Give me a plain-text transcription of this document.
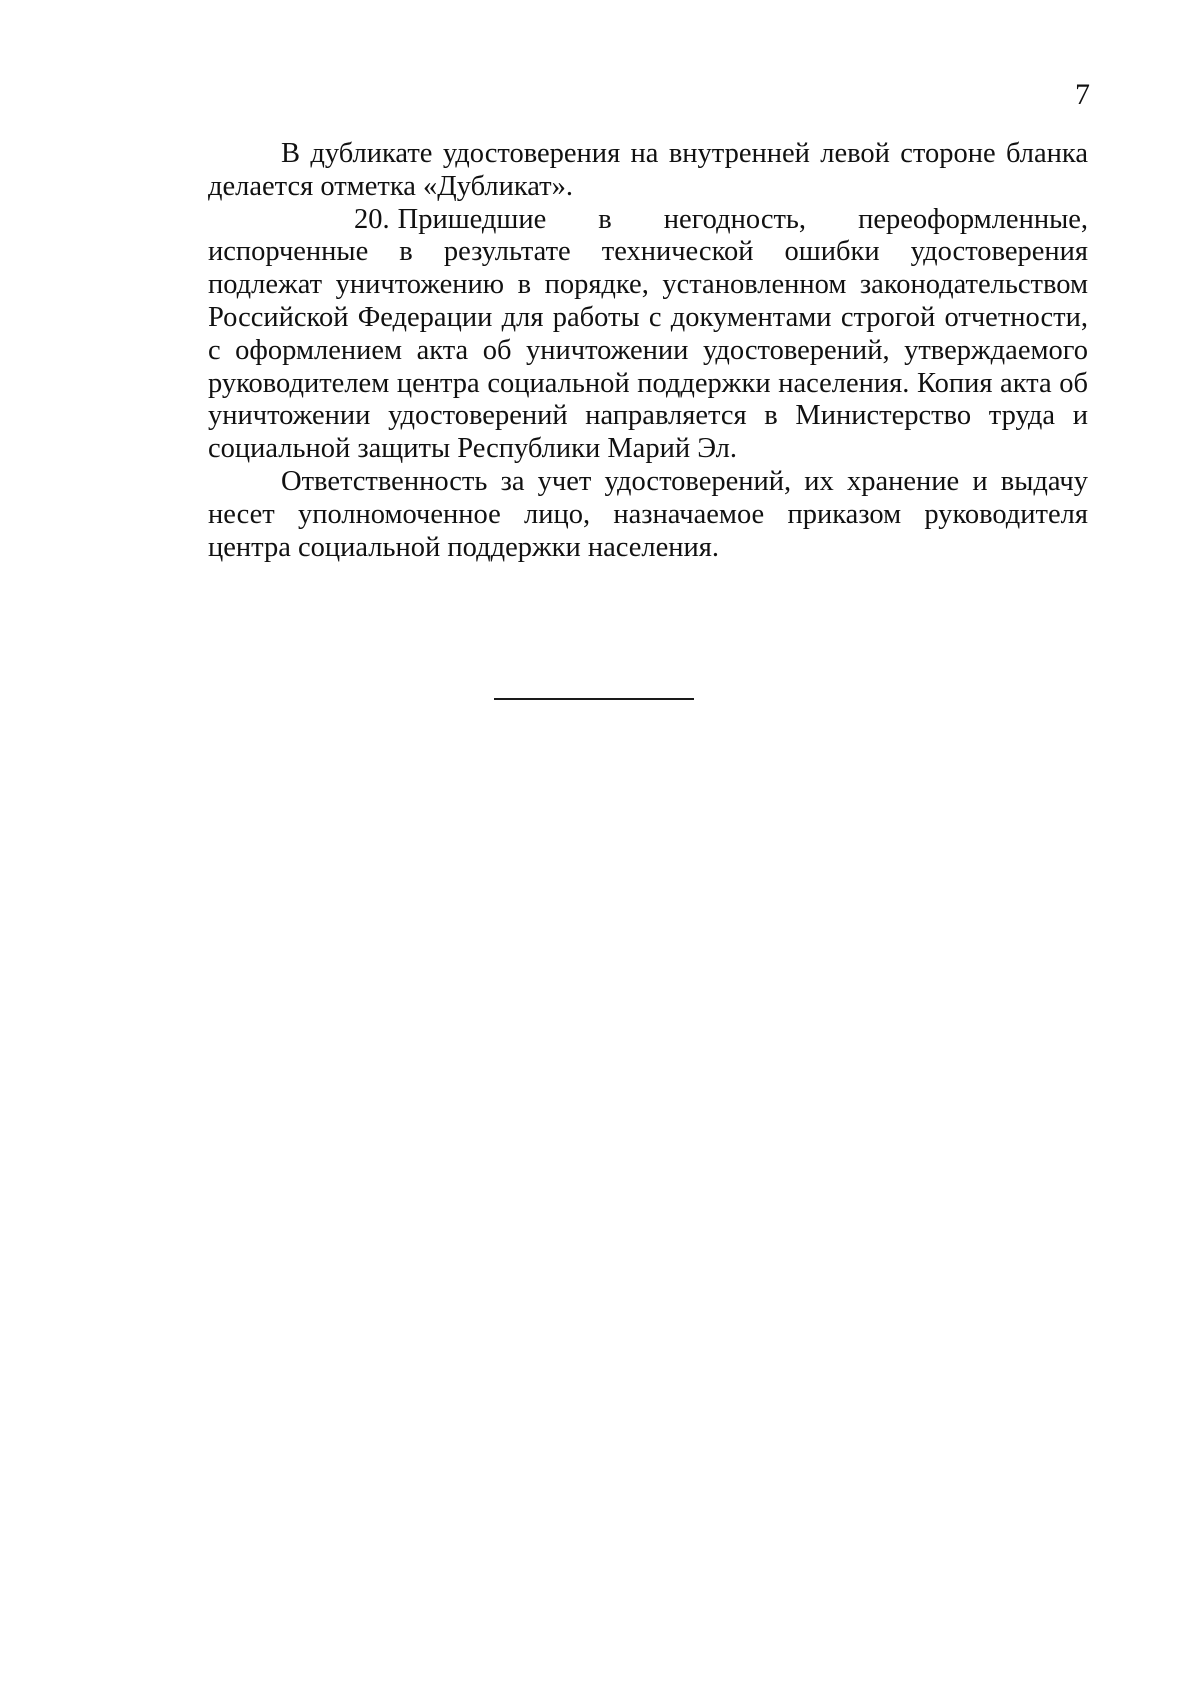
7

В дубликате удостоверения на внутренней левой стороне бланка делается отметка «Дубликат».

20. Пришедшие в негодность, переоформленные, испорченные в результате технической ошибки удостоверения подлежат уничтожению в порядке, установленном законодательством Российской Федерации для работы с документами строгой отчетности, с оформлением акта об уничтожении удостоверений, утверждаемого руководителем центра социальной поддержки населения. Копия акта об уничтожении удостоверений направляется в Министерство труда и социальной защиты Республики Марий Эл.

Ответственность за учет удостоверений, их хранение и выдачу несет уполномоченное лицо, назначаемое приказом руководителя центра социальной поддержки населения.
